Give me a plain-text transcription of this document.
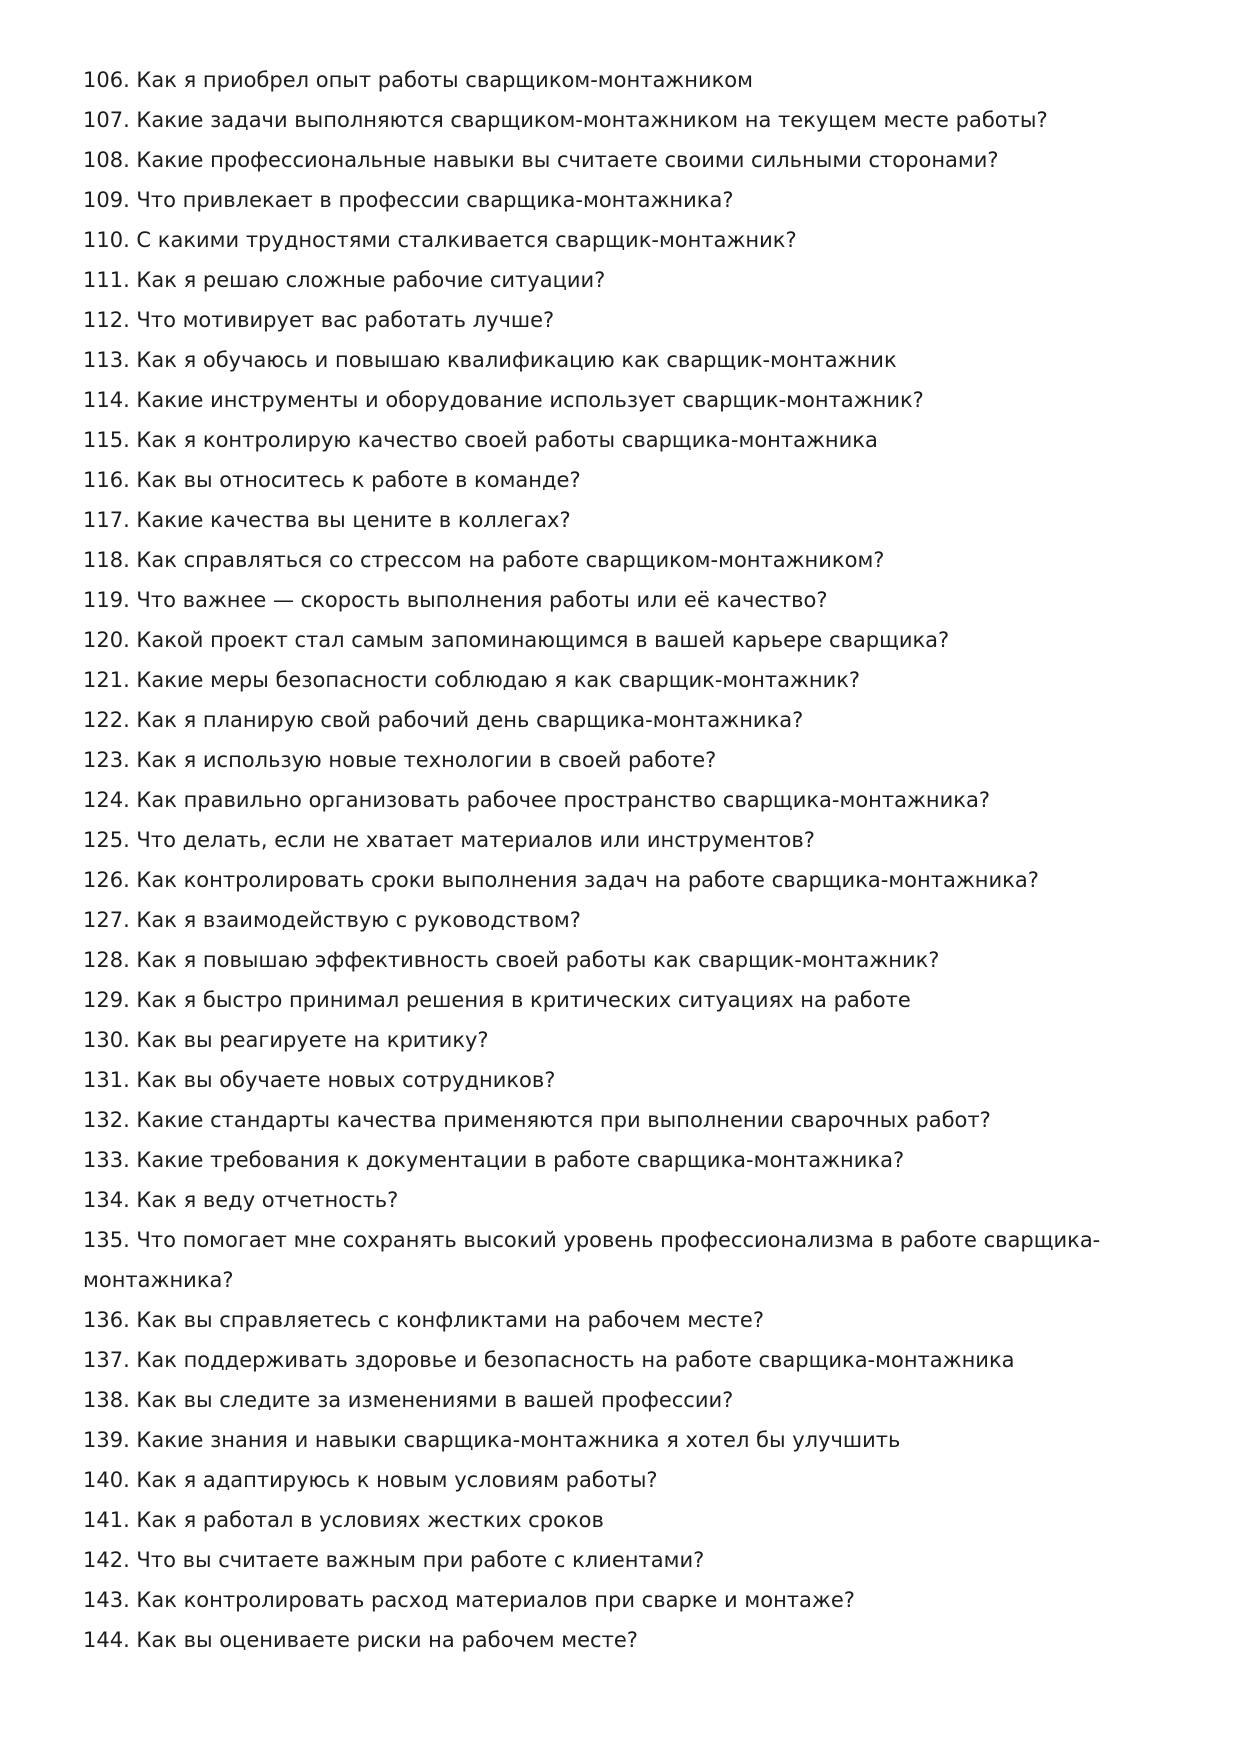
106. Как я приобрел опыт работы сварщиком-монтажником
107. Какие задачи выполняются сварщиком-монтажником на текущем месте работы?
108. Какие профессиональные навыки вы считаете своими сильными сторонами?
109. Что привлекает в профессии сварщика-монтажника?
110. С какими трудностями сталкивается сварщик-монтажник?
111. Как я решаю сложные рабочие ситуации?
112. Что мотивирует вас работать лучше?
113. Как я обучаюсь и повышаю квалификацию как сварщик-монтажник
114. Какие инструменты и оборудование использует сварщик-монтажник?
115. Как я контролирую качество своей работы сварщика-монтажника
116. Как вы относитесь к работе в команде?
117. Какие качества вы цените в коллегах?
118. Как справляться со стрессом на работе сварщиком-монтажником?
119. Что важнее — скорость выполнения работы или её качество?
120. Какой проект стал самым запоминающимся в вашей карьере сварщика?
121. Какие меры безопасности соблюдаю я как сварщик-монтажник?
122. Как я планирую свой рабочий день сварщика-монтажника?
123. Как я использую новые технологии в своей работе?
124. Как правильно организовать рабочее пространство сварщика-монтажника?
125. Что делать, если не хватает материалов или инструментов?
126. Как контролировать сроки выполнения задач на работе сварщика-монтажника?
127. Как я взаимодействую с руководством?
128. Как я повышаю эффективность своей работы как сварщик-монтажник?
129. Как я быстро принимал решения в критических ситуациях на работе
130. Как вы реагируете на критику?
131. Как вы обучаете новых сотрудников?
132. Какие стандарты качества применяются при выполнении сварочных работ?
133. Какие требования к документации в работе сварщика-монтажника?
134. Как я веду отчетность?
135. Что помогает мне сохранять высокий уровень профессионализма в работе сварщика-монтажника?
136. Как вы справляетесь с конфликтами на рабочем месте?
137. Как поддерживать здоровье и безопасность на работе сварщика-монтажника
138. Как вы следите за изменениями в вашей профессии?
139. Какие знания и навыки сварщика-монтажника я хотел бы улучшить
140. Как я адаптируюсь к новым условиям работы?
141. Как я работал в условиях жестких сроков
142. Что вы считаете важным при работе с клиентами?
143. Как контролировать расход материалов при сварке и монтаже?
144. Как вы оцениваете риски на рабочем месте?
